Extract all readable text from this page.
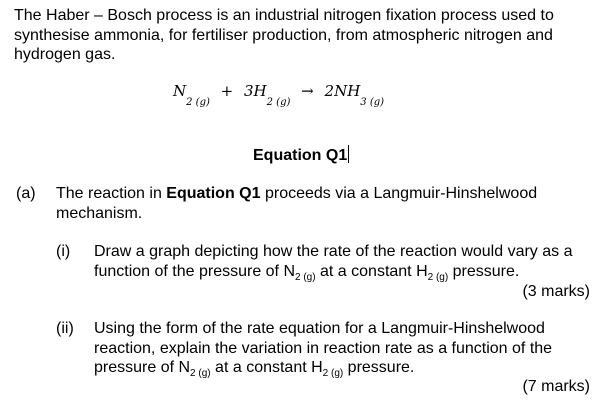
The Haber – Bosch process is an industrial nitrogen fixation process used to synthesise ammonia, for fertiliser production, from atmospheric nitrogen and hydrogen gas.
$N_{2 (g)} + 3H_{2 (g)} \to 2NH_{3 (g)}$
Equation Q1
(a) The reaction in Equation Q1 proceeds via a Langmuir-Hinshelwood mechanism.
(i) Draw a graph depicting how the rate of the reaction would vary as a function of the pressure of $N_{2 (g)}$ at a constant $H_{2 (g)}$ pressure.
(3 marks)
(ii) Using the form of the rate equation for a Langmuir-Hinshelwood reaction, explain the variation in reaction rate as a function of the pressure of $N_{2 (g)}$ at a constant $H_{2 (g)}$ pressure.
(7 marks)
